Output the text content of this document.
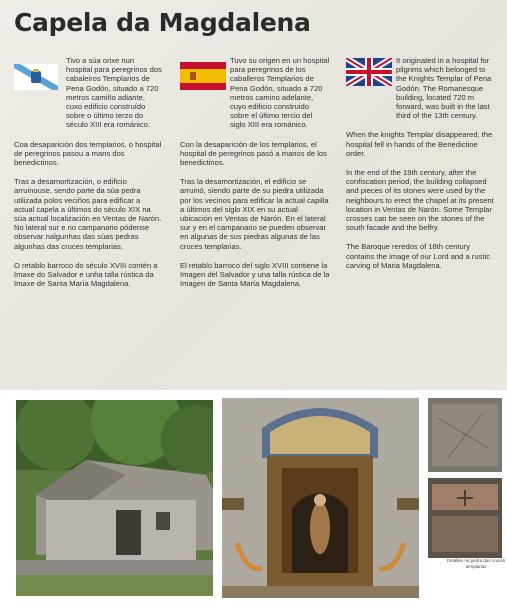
Capela da Magdalena

Tivo a súa orixe nun hospital para peregrinos dos cabaleiros Templarios de Pena Godón, situado a 720 metros camiño adiante, cuxo edificio construído sobre o último terzo do século XIII era románico.

Coa desaparición dos templarios, o hospital de peregrinos pasou a mans dos benedictinos.

Tras a desamortización, o edificio arruinouse, sendo parte da súa pedra utilizada polos veciños para edificar a actual capela a últimos do século XIX na súa actual localización en Ventas de Narón. No lateral sur e no campanario pódense observar nalgunhas das súas pedras algunhas das cruces templarias.

O retablo barroco do século XVIII contén a Imaxe do Salvador e unha talla rústica da Imaxe de Santa María Magdalena.

Tuvo su origen en un hospital para peregrinos de los caballeros Templarios de Pena Godón, situado a 720 metros camino adelante, cuyo edificio construido sobre el último tercio del siglo XIII era románico.

Con la desaparición de los templarios, el hospital de peregrinos pasó a manos de los benedictinos.

Tras la desamortización, el edificio se arruinó, siendo parte de su piedra utilizada por los vecinos para edificar la actual capilla a últimos del siglo XIX en su actual ubicación en Ventas de Narón. En el lateral sur y en el campanario se pueden observar en algunas de sus piedras algunas de las cruces templarias.

El retablo barroco del siglo XVIII contiene la Imagen del Salvador y una talla rústica de la Imagen de Santa María Magdalena.

It originated in a hospital for pilgrims which belonged to the Knights Templar of Pena Godón. The Romanesque building, located 720 m forward, was built in the last third of the 13th century.

When the knights Templar disappeared, the hospital fell in hands of the Benedictine order.

In the end of the 19th century, after the confiscation period, the building collapsed and pieces of its stones were used by the neighbours to erect the chapel at its present location in Ventas de Narón. Some Templar crosses can be seen on the stones of the south facade and the belfry.

The Baroque reredos of 18th century contains the image of our Lord and a rustic carving of Maria Magdalena.

Detalles na pedra das cruces templarias
